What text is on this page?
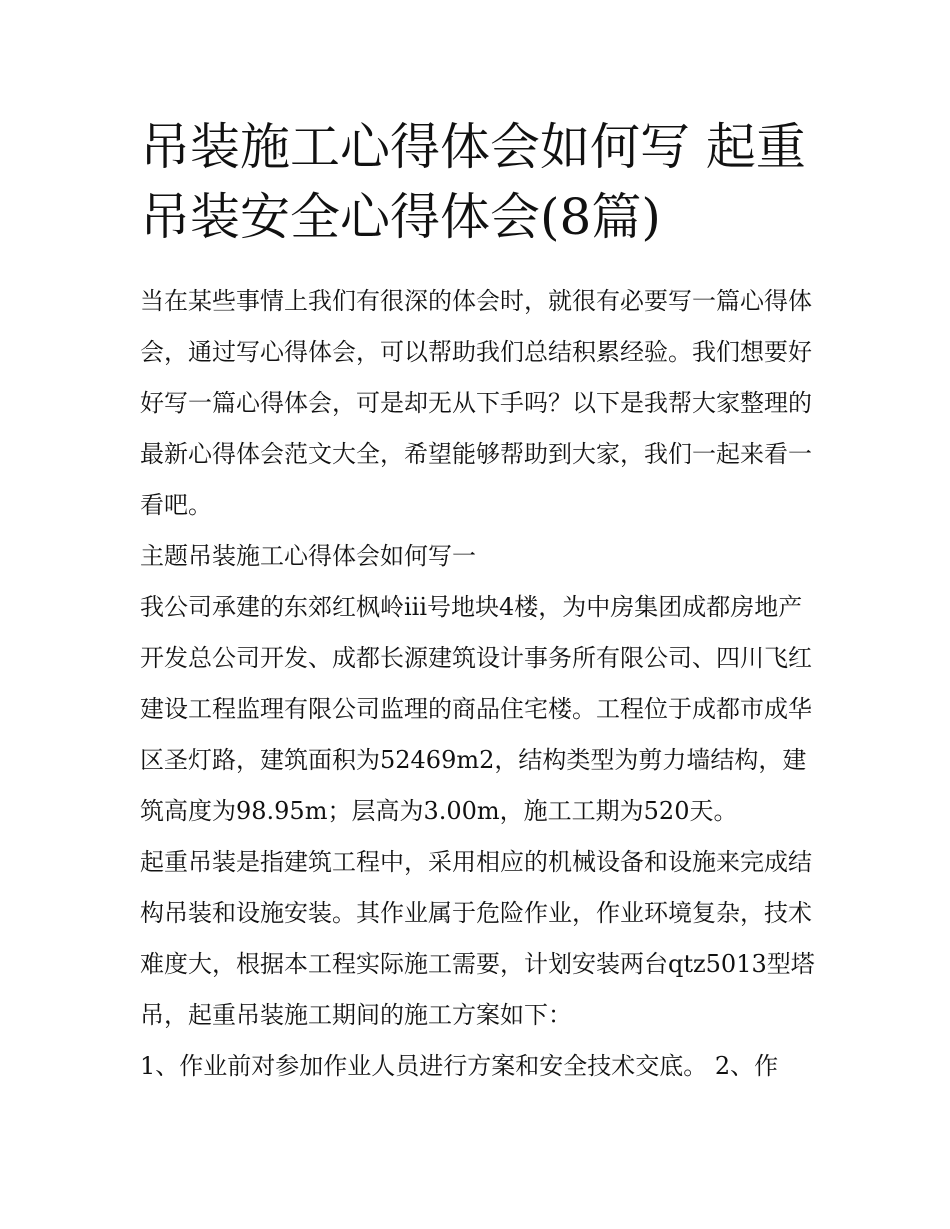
吊装施工心得体会如何写 起重吊装安全心得体会(8篇)

当在某些事情上我们有很深的体会时，就很有必要写一篇心得体会，通过写心得体会，可以帮助我们总结积累经验。我们想要好好写一篇心得体会，可是却无从下手吗？以下是我帮大家整理的最新心得体会范文大全，希望能够帮助到大家，我们一起来看一看吧。

主题吊装施工心得体会如何写一

我公司承建的东郊红枫岭iii号地块4楼，为中房集团成都房地产开发总公司开发、成都长源建筑设计事务所有限公司、四川飞红建设工程监理有限公司监理的商品住宅楼。工程位于成都市成华区圣灯路，建筑面积为52469m2，结构类型为剪力墙结构，建筑高度为98.95m；层高为3.00m，施工工期为520天。

起重吊装是指建筑工程中，采用相应的机械设备和设施来完成结构吊装和设施安装。其作业属于危险作业，作业环境复杂，技术难度大，根据本工程实际施工需要，计划安装两台qtz5013型塔吊，起重吊装施工期间的施工方案如下：

1、作业前对参加作业人员进行方案和安全技术交底。 2、作
